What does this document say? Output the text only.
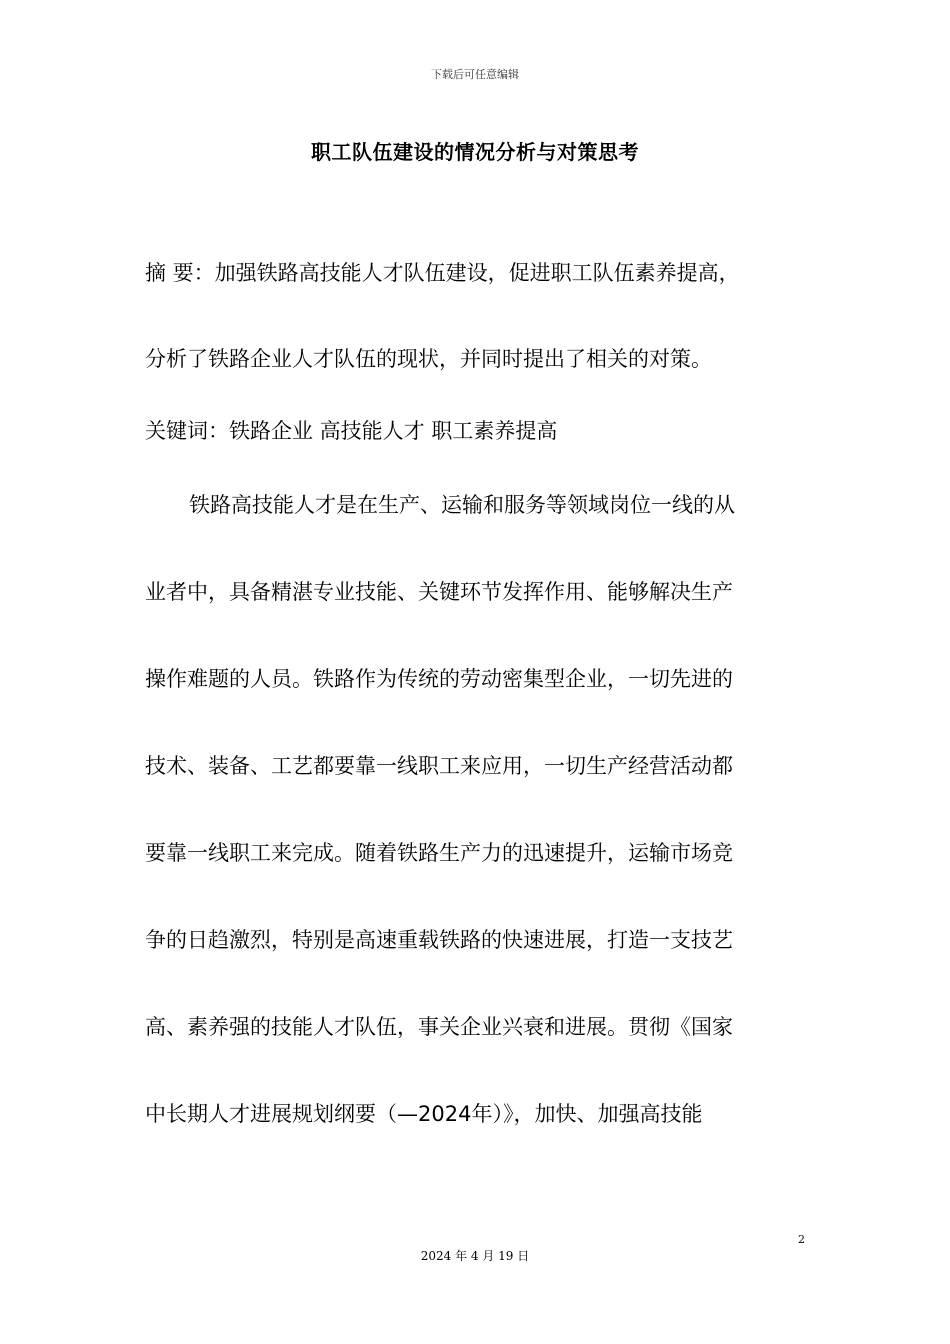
下载后可任意编辑
职工队伍建设的情况分析与对策思考
摘 要：加强铁路高技能人才队伍建设，促进职工队伍素养提高，
分析了铁路企业人才队伍的现状，并同时提出了相关的对策。
关键词：铁路企业 高技能人才 职工素养提高
铁路高技能人才是在生产、运输和服务等领域岗位一线的从
业者中，具备精湛专业技能、关键环节发挥作用、能够解决生产
操作难题的人员。铁路作为传统的劳动密集型企业，一切先进的
技术、装备、工艺都要靠一线职工来应用，一切生产经营活动都
要靠一线职工来完成。随着铁路生产力的迅速提升，运输市场竞
争的日趋激烈，特别是高速重载铁路的快速进展，打造一支技艺
高、素养强的技能人才队伍，事关企业兴衰和进展。贯彻《国家
中长期人才进展规划纲要（—2024年）》，加快、加强高技能
2
2024 年 4 月 19 日
